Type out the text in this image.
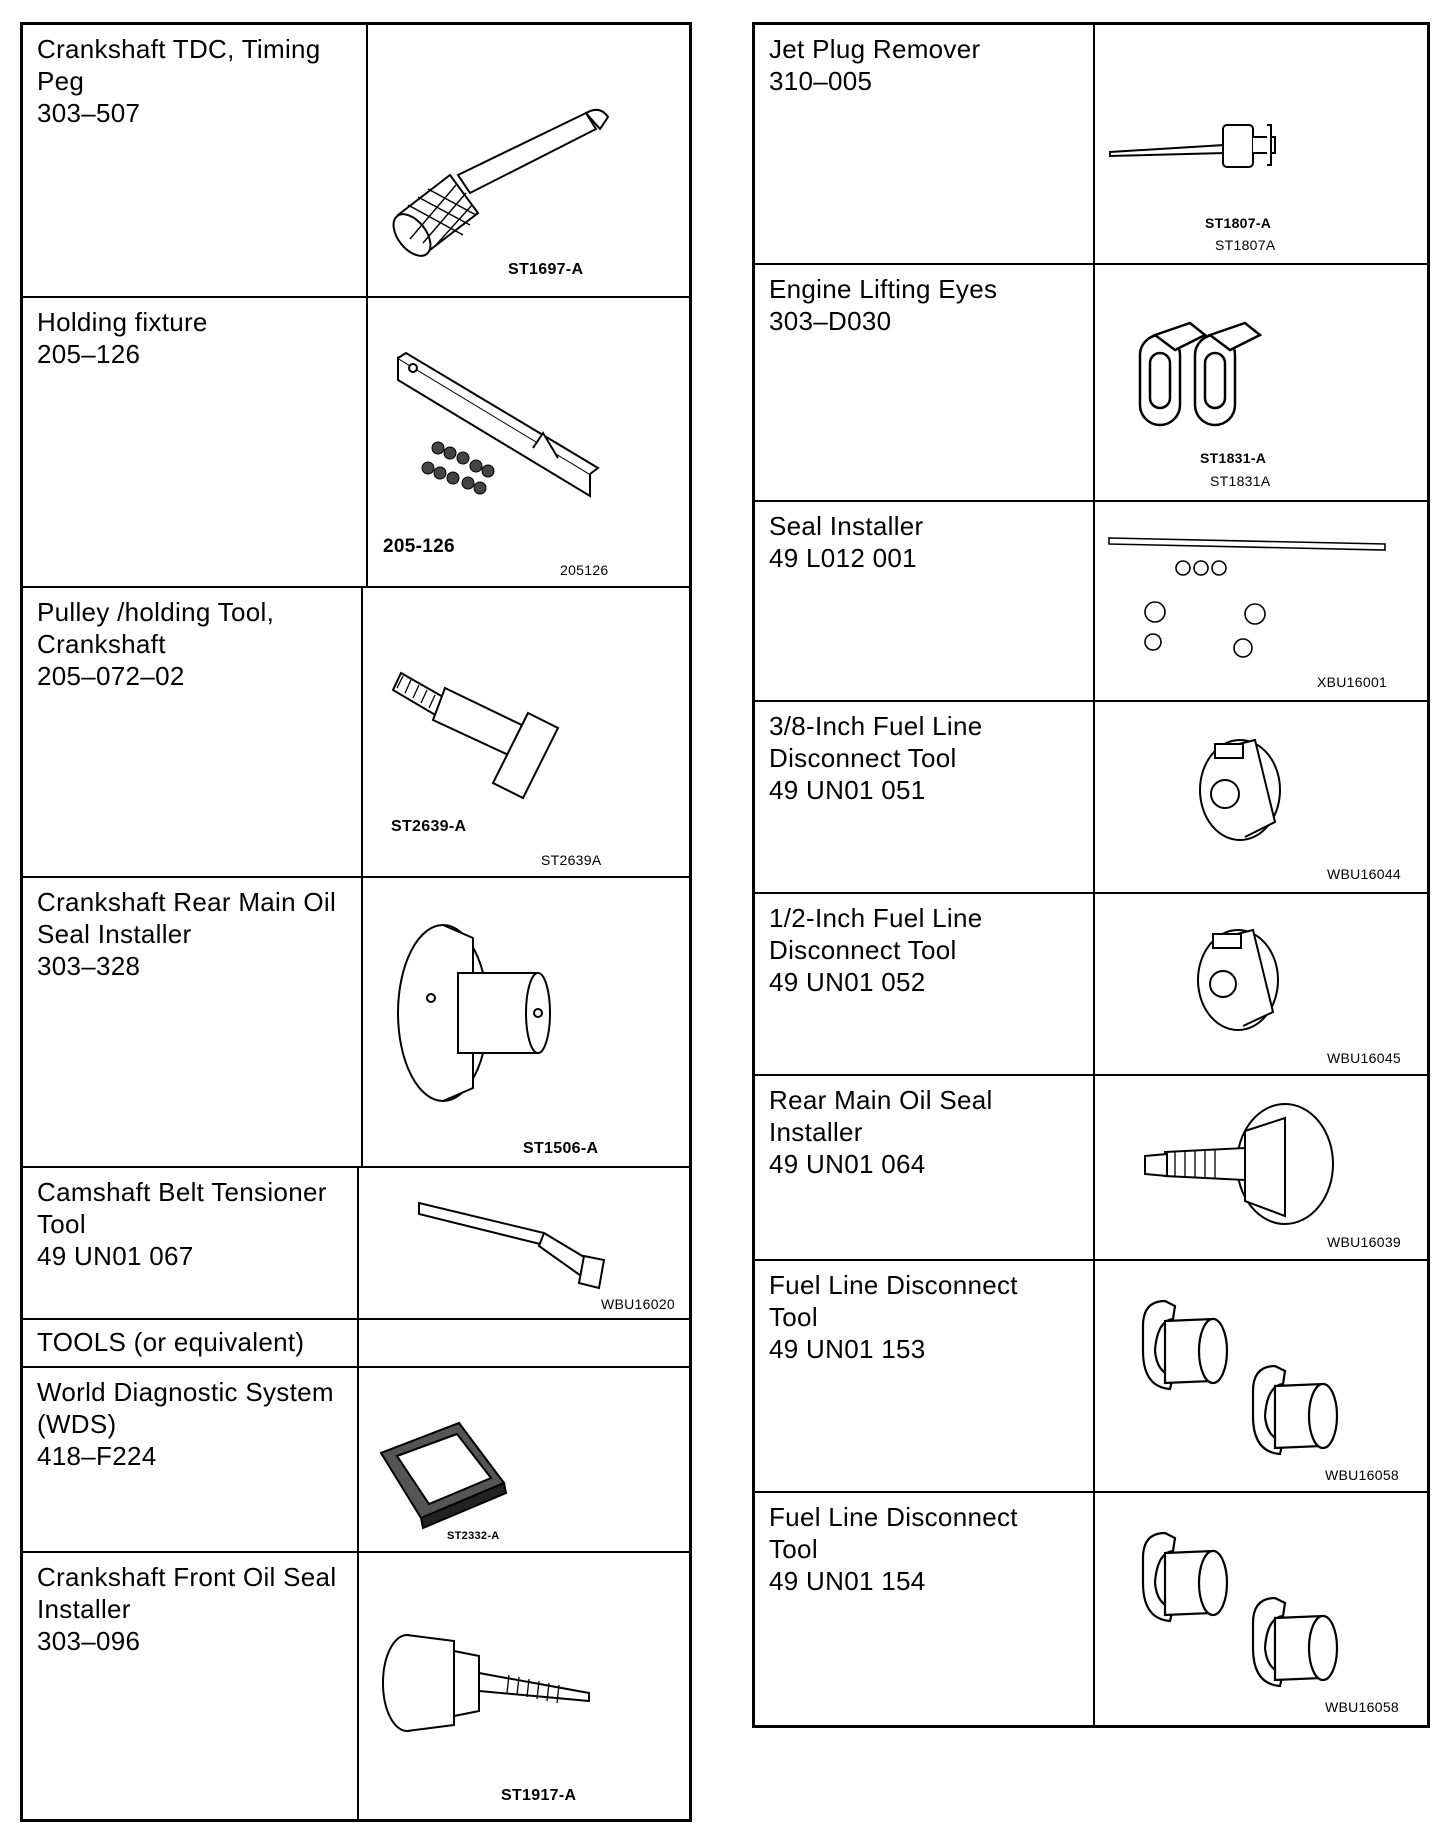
Crankshaft TDC, Timing Peg
303–507
ST1697-A
Holding fixture
205–126
205-126
205126
Pulley /holding Tool, Crankshaft
205–072–02
ST2639-A
ST2639A
Crankshaft Rear Main Oil Seal Installer
303–328
ST1506-A
Camshaft Belt Tensioner Tool
49 UN01 067
WBU16020
TOOLS (or equivalent)
World Diagnostic System (WDS)
418–F224
ST2332-A
Crankshaft Front Oil Seal Installer
303–096
ST1917-A
Jet Plug Remover
310–005
ST1807-A
ST1807A
Engine Lifting Eyes
303–D030
ST1831-A
ST1831A
Seal Installer
49 L012 001
XBU16001
3/8-Inch Fuel Line Disconnect Tool
49 UN01 051
WBU16044
1/2-Inch Fuel Line Disconnect Tool
49 UN01 052
WBU16045
Rear Main Oil Seal Installer
49 UN01 064
WBU16039
Fuel Line Disconnect Tool
49 UN01 153
WBU16058
Fuel Line Disconnect Tool
49 UN01 154
WBU16058
